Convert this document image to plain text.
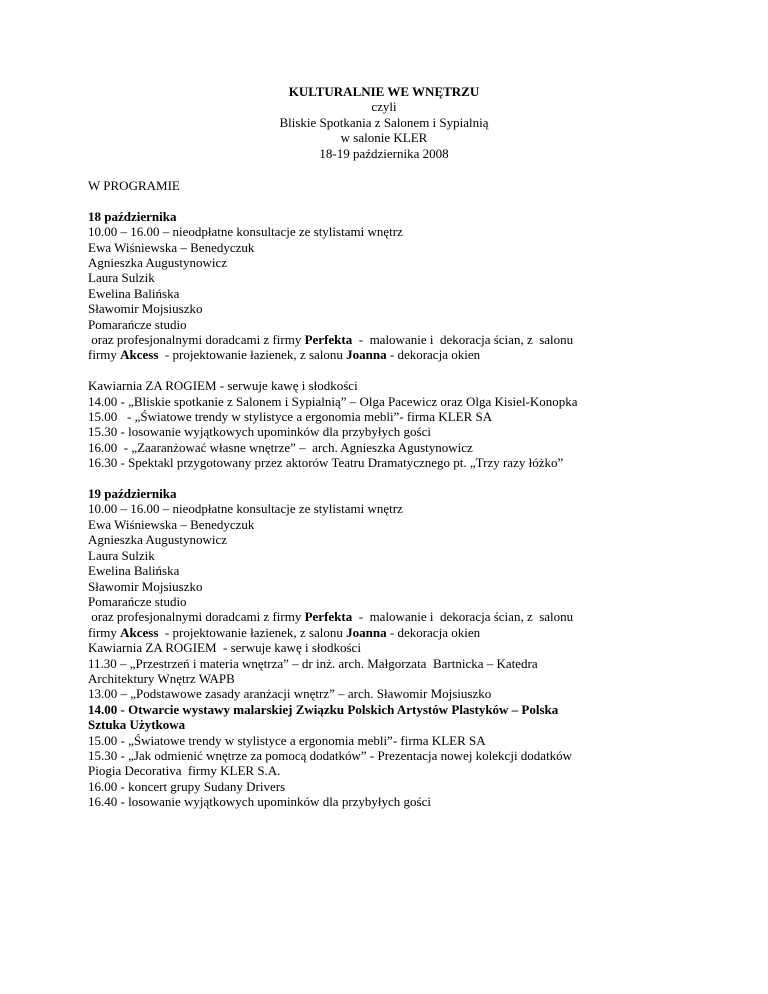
KULTURALNIE WE WNĘTRZU
czyli
Bliskie Spotkania z Salonem i Sypialnią
w salonie KLER
18-19 października 2008
W PROGRAMIE
18 października
10.00 – 16.00 – nieodpłatne konsultacje ze stylistami wnętrz
Ewa Wiśniewska – Benedyczuk
Agnieszka Augustynowicz
Laura Sulzik
Ewelina Balińska
Sławomir Mojsiuszko
Pomarańcze studio
oraz profesjonalnymi doradcami z firmy Perfekta  -  malowanie i  dekoracja ścian, z  salonu
firmy Akcess  - projektowanie łazienek, z salonu Joanna - dekoracja okien
Kawiarnia ZA ROGIEM - serwuje kawę i słodkości
14.00 - „Bliskie spotkanie z Salonem i Sypialnią” – Olga Pacewicz oraz Olga Kisiel-Konopka
15.00   - „Światowe trendy w stylistyce a ergonomia mebli”- firma KLER SA
15.30 - losowanie wyjątkowych upominków dla przybyłych gości
16.00  - „Zaaranżować własne wnętrze” –  arch. Agnieszka Agustynowicz
16.30 - Spektakl przygotowany przez aktorów Teatru Dramatycznego pt. „Trzy razy łóżko”
19 października
10.00 – 16.00 – nieodpłatne konsultacje ze stylistami wnętrz
Ewa Wiśniewska – Benedyczuk
Agnieszka Augustynowicz
Laura Sulzik
Ewelina Balińska
Sławomir Mojsiuszko
Pomarańcze studio
oraz profesjonalnymi doradcami z firmy Perfekta  -  malowanie i  dekoracja ścian, z  salonu
firmy Akcess  - projektowanie łazienek, z salonu Joanna - dekoracja okien
Kawiarnia ZA ROGIEM  - serwuje kawę i słodkości
11.30 – „Przestrzeń i materia wnętrza” – dr inż. arch. Małgorzata  Bartnicka – Katedra
Architektury Wnętrz WAPB
13.00 – „Podstawowe zasady aranżacji wnętrz” – arch. Sławomir Mojsiuszko
14.00 - Otwarcie wystawy malarskiej Związku Polskich Artystów Plastyków – Polska
Sztuka Użytkowa
15.00 - „Światowe trendy w stylistyce a ergonomia mebli”- firma KLER SA
15.30 - „Jak odmienić wnętrze za pomocą dodatków” - Prezentacja nowej kolekcji dodatków
Piogia Decorativa  firmy KLER S.A.
16.00 - koncert grupy Sudany Drivers
16.40 - losowanie wyjątkowych upominków dla przybyłych gości
